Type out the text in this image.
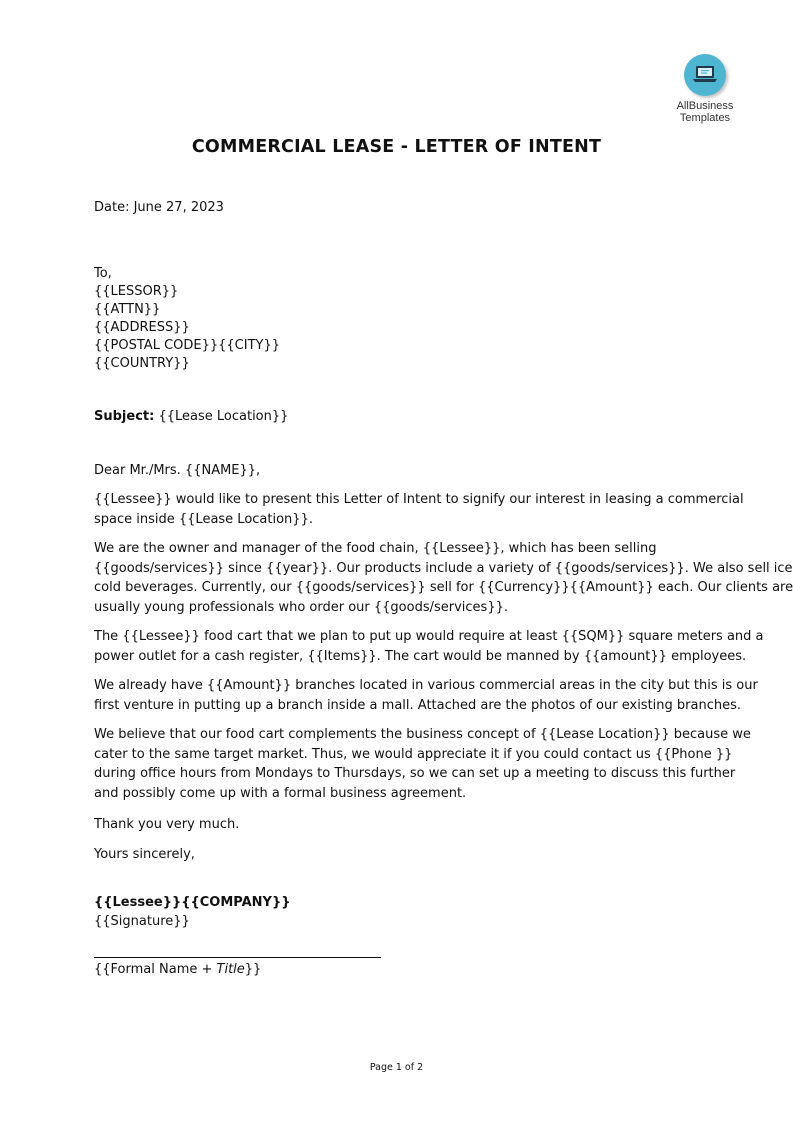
AllBusiness
Templates
COMMERCIAL LEASE - LETTER OF INTENT
Date: June 27, 2023
To,
{{LESSOR}}
{{ATTN}}
{{ADDRESS}}
{{POSTAL CODE}}{{CITY}}
{{COUNTRY}}
Subject: {{Lease Location}}
Dear Mr./Mrs. {{NAME}},
{{Lessee}} would like to present this Letter of Intent to signify our interest in leasing a commercial
space inside {{Lease Location}}.
We are the owner and manager of the food chain, {{Lessee}}, which has been selling
{{goods/services}} since {{year}}. Our products include a variety of {{goods/services}}. We also sell ice
cold beverages. Currently, our {{goods/services}} sell for {{Currency}}{{Amount}} each. Our clients are
usually young professionals who order our {{goods/services}}.
The {{Lessee}} food cart that we plan to put up would require at least {{SQM}} square meters and a
power outlet for a cash register, {{Items}}. The cart would be manned by {{amount}} employees.
We already have {{Amount}} branches located in various commercial areas in the city but this is our
first venture in putting up a branch inside a mall. Attached are the photos of our existing branches.
We believe that our food cart complements the business concept of {{Lease Location}} because we
cater to the same target market. Thus, we would appreciate it if you could contact us {{Phone }}
during office hours from Mondays to Thursdays, so we can set up a meeting to discuss this further
and possibly come up with a formal business agreement.
Thank you very much.
Yours sincerely,
{{Lessee}}{{COMPANY}}
{{Signature}}
{{Formal Name + Title}}
Page 1 of 2
